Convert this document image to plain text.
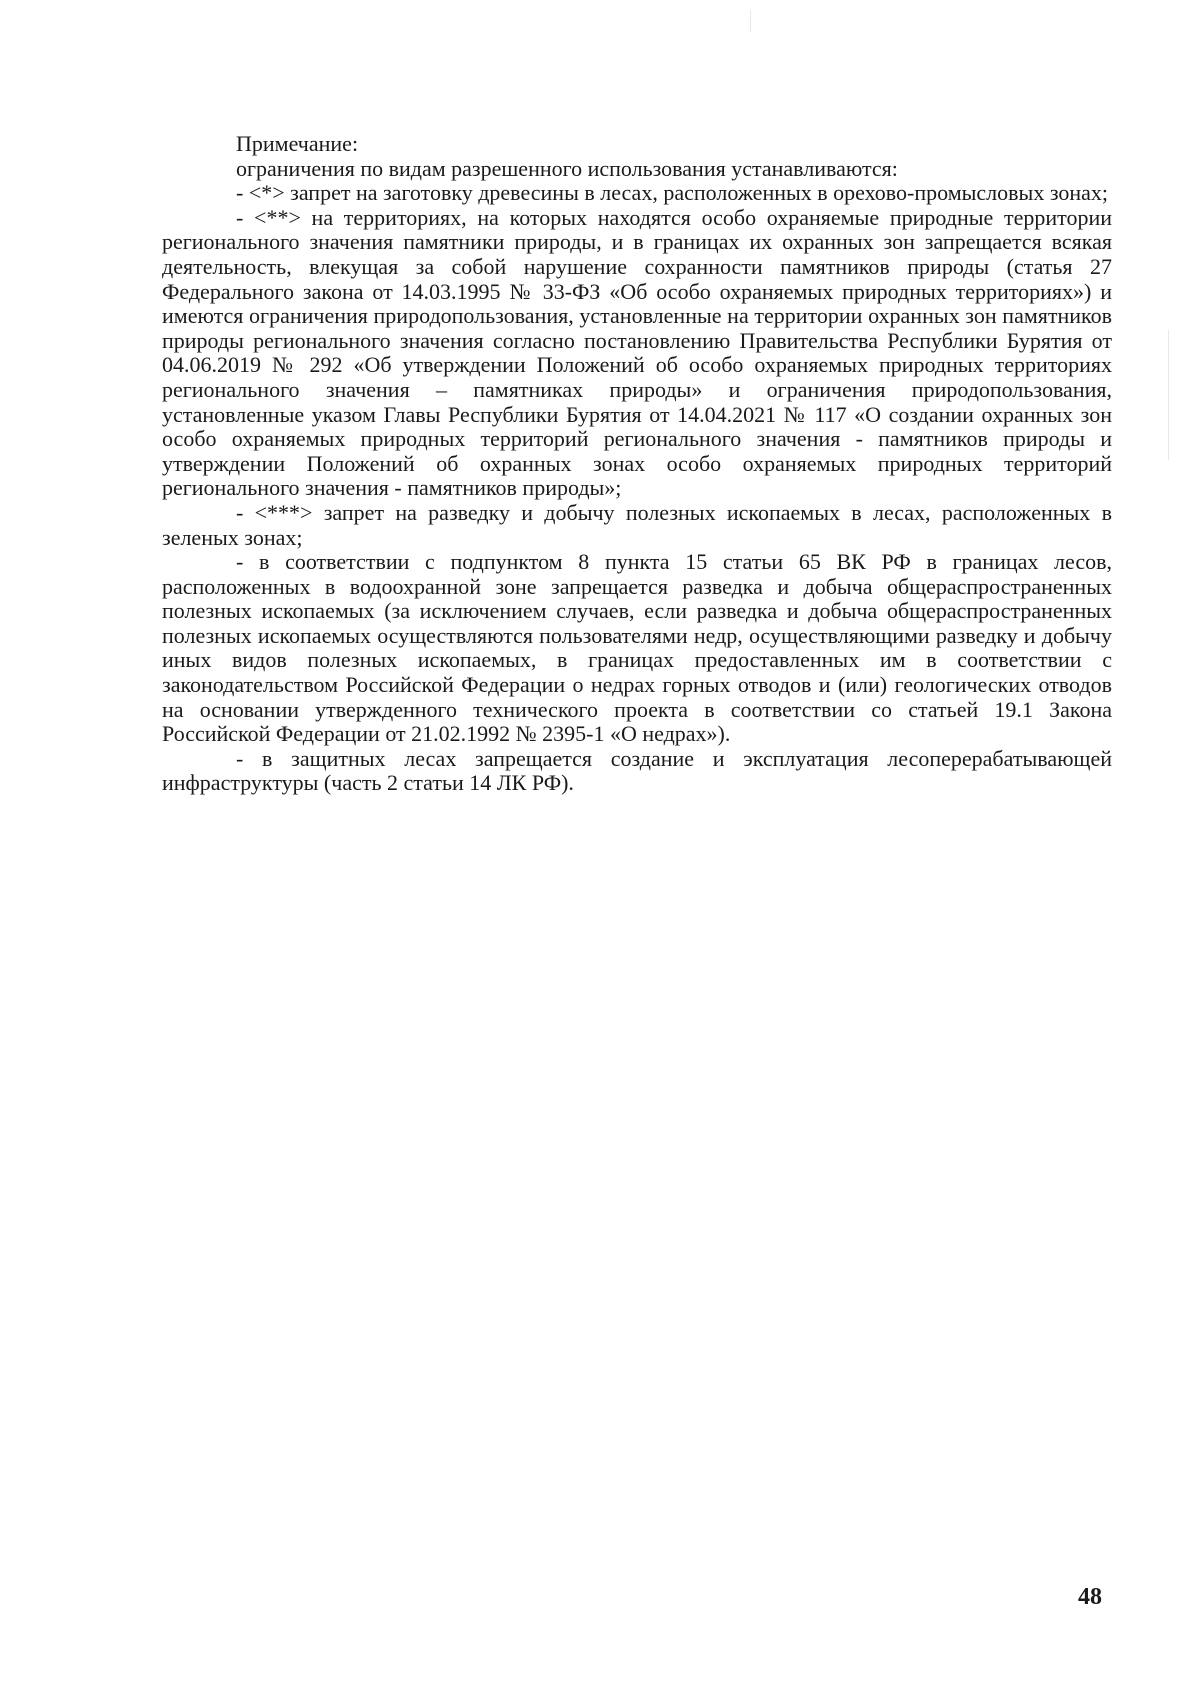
Примечание:

ограничения по видам разрешенного использования устанавливаются:

- <*> запрет на заготовку древесины в лесах, расположенных в орехово-промысловых зонах;

- <**> на территориях, на которых находятся особо охраняемые природные территории регионального значения памятники природы, и в границах их охранных зон запрещается всякая деятельность, влекущая за собой нарушение сохранности памятников природы (статья 27 Федерального закона от 14.03.1995 № 33-ФЗ «Об особо охраняемых природных территориях») и имеются ограничения природопользования, установленные на территории охранных зон памятников природы регионального значения согласно постановлению Правительства Республики Бурятия от 04.06.2019 № 292 «Об утверждении Положений об особо охраняемых природных территориях регионального значения – памятниках природы» и ограничения природопользования, установленные указом Главы Республики Бурятия от 14.04.2021 № 117 «О создании охранных зон особо охраняемых природных территорий регионального значения - памятников природы и утверждении Положений об охранных зонах особо охраняемых природных территорий регионального значения - памятников природы»;

- <***> запрет на разведку и добычу полезных ископаемых в лесах, расположенных в зеленых зонах;

- в соответствии с подпунктом 8 пункта 15 статьи 65 ВК РФ в границах лесов, расположенных в водоохранной зоне запрещается разведка и добыча общераспространенных полезных ископаемых (за исключением случаев, если разведка и добыча общераспространенных полезных ископаемых осуществляются пользователями недр, осуществляющими разведку и добычу иных видов полезных ископаемых, в границах предоставленных им в соответствии с законодательством Российской Федерации о недрах горных отводов и (или) геологических отводов на основании утвержденного технического проекта в соответствии со статьей 19.1 Закона Российской Федерации от 21.02.1992 № 2395-1 «О недрах»).

- в защитных лесах запрещается создание и эксплуатация лесоперерабатывающей инфраструктуры (часть 2 статьи 14 ЛК РФ).

48
